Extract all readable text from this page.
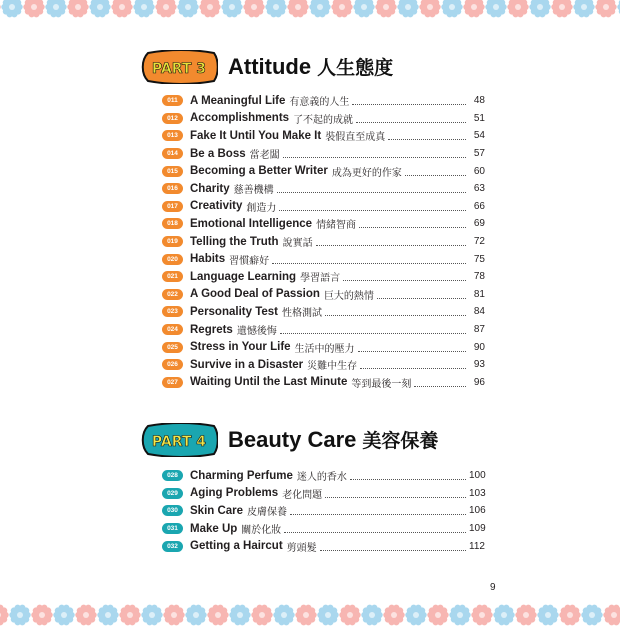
PART 3 Attitude 人生態度
011	A Meaningful Life 有意義的人生	48
012	Accomplishments 了不起的成就	51
013	Fake It Until You Make It 裝假直至成真	54
014	Be a Boss 當老闆	57
015	Becoming a Better Writer 成為更好的作家	60
016	Charity 慈善機構	63
017	Creativity 創造力	66
018	Emotional Intelligence 情緒智商	69
019	Telling the Truth 說實話	72
020	Habits 習慣癖好	75
021	Language Learning 學習語言	78
022	A Good Deal of Passion 巨大的熱情	81
023	Personality Test 性格測試	84
024	Regrets 遺憾後悔	87
025	Stress in Your Life 生活中的壓力	90
026	Survive in a Disaster 災難中生存	93
027	Waiting Until the Last Minute 等到最後一刻	96
PART 4 Beauty Care 美容保養
028	Charming Perfume 迷人的香水	100
029	Aging Problems 老化問題	103
030	Skin Care 皮膚保養	106
031	Make Up 關於化妝	109
032	Getting a Haircut 剪頭髮	112
9
